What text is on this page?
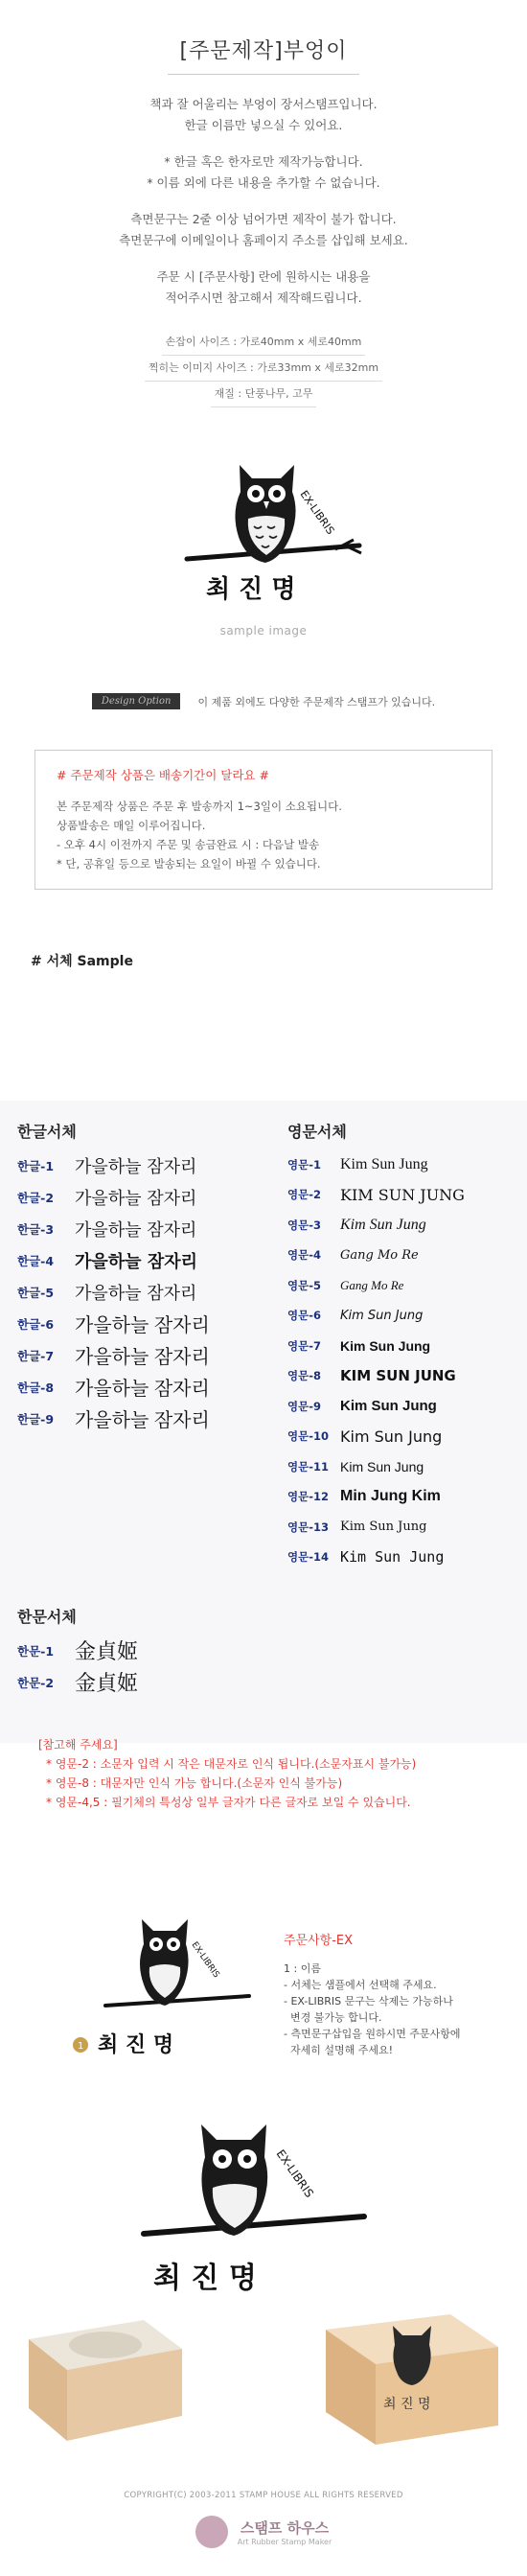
[주문제작]부엉이

책과 잘 어울리는 부엉이 장서스탬프입니다.

한글 이름만 넣으실 수 있어요.

* 한글 혹은 한자로만 제작가능합니다.

* 이름 외에 다른 내용을 추가할 수 없습니다.

측면문구는 2줄 이상 넘어가면 제작이 불가 합니다.

측면문구에 이메일이나 홈페이지 주소를 삽입해 보세요.

주문 시 [주문사항] 란에 원하시는 내용을

적어주시면 참고해서 제작해드립니다.

손잡이 사이즈 : 가로40mm x 세로40mm
찍히는 이미지 사이즈 : 가로33mm x 세로32mm
재질 : 단풍나무, 고무
EX-LIBRIS
최 진 명
sample image
Design Option	이 제품 외에도 다양한 주문제작 스탬프가 있습니다.
# 주문제작 상품은 배송기간이 달라요 #
본 주문제작 상품은 주문 후 발송까지 1~3일이 소요됩니다.
상품발송은 매일 이루어집니다.
- 오후 4시 이전까지 주문 및 송금완료 시 : 다음날 발송
* 단, 공휴일 등으로 발송되는 요일이 바뀔 수 있습니다.
# 서체 Sample
한글서체
한글-1	가을하늘 잠자리
한글-2	가을하늘 잠자리
한글-3	가을하늘 잠자리
한글-4	가을하늘 잠자리
한글-5	가을하늘 잠자리
한글-6	가을하늘 잠자리
한글-7	가을하늘 잠자리
한글-8	가을하늘 잠자리
한글-9	가을하늘 잠자리
영문서체
영문-1	Kim Sun Jung
영문-2	KIM SUN JUNG
영문-3	Kim Sun Jung
영문-4	Gang Mo Re
영문-5	Gang Mo Re
영문-6	Kim Sun Jung
영문-7	Kim Sun Jung
영문-8	KIM SUN JUNG
영문-9	Kim Sun Jung
영문-10 Kim Sun Jung
영문-11 Kim Sun Jung
영문-12 Min Jung Kim
영문-13 Kim Sun Jung
영문-14 Kim Sun Jung
한문서체
한문-1 金貞姬
한문-2 金貞姬
[참고해 주세요]
* 영문-2 : 소문자 입력 시 작은 대문자로 인식 됩니다.(소문자표시 불가능)
* 영문-8 : 대문자만 인식 가능 합니다.(소문자 인식 불가능)
* 영문-4,5 : 필기체의 특성상 일부 글자가 다른 글자로 보일 수 있습니다.
EX-LIBRIS
1 최 진 명
주문사항-EX
1 : 이름
- 서체는 샘플에서 선택해 주세요.
- EX-LIBRIS 문구는 삭제는 가능하나
변경 불가능 합니다.
- 측면문구삽입을 원하시면 주문사항에
자세히 설명해 주세요!
EX-LIBRIS
최 진 명
최 진 명
COPYRIGHT(C) 2003-2011 STAMP HOUSE ALL RIGHTS RESERVED
스탬프 하우스
Art Rubber Stamp Maker
